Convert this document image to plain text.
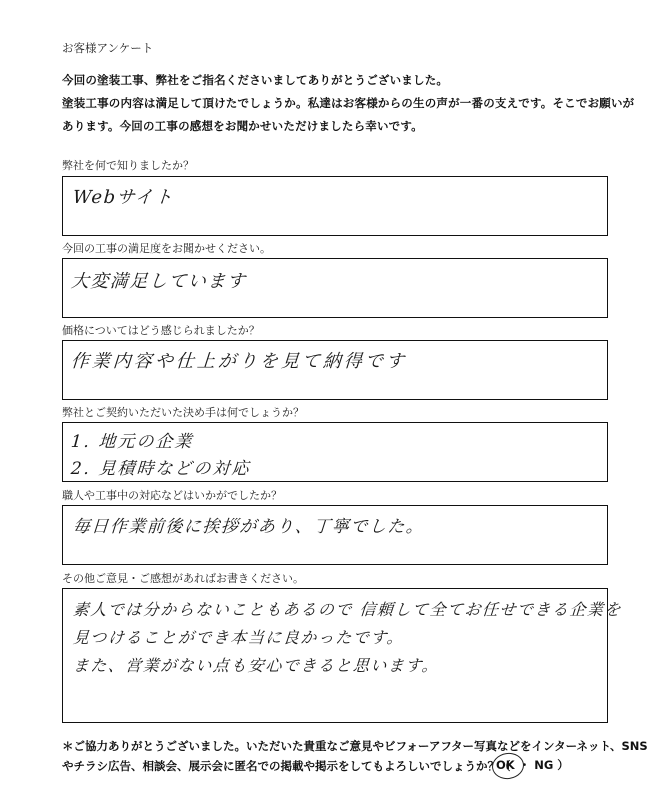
お客様アンケート
今回の塗装工事、弊社をご指名くださいましてありがとうございました。
塗装工事の内容は満足して頂けたでしょうか。私達はお客様からの生の声が一番の支えです。そこでお願いが
あります。今回の工事の感想をお聞かせいただけましたら幸いです。
弊社を何で知りましたか？
Webサイト
今回の工事の満足度をお聞かせください。
大変満足しています
価格についてはどう感じられましたか？
作業内容や仕上がりを見て納得です
弊社とご契約いただいた決め手は何でしょうか？
1. 地元の企業
2. 見積時などの対応
職人や工事中の対応などはいかがでしたか？
毎日作業前後に挨拶があり、丁寧でした。
その他ご意見・ご感想があればお書きください。
素人では分からないこともあるので 信頼して全てお任せできる企業を
見つけることができ本当に良かったです。
また、営業がない点も安心できると思います。
＊ご協力ありがとうございました。いただいた貴重なご意見やビフォーアフター写真などをインターネット、SNS
やチラシ広告、相談会、展示会に匿名での掲載や掲示をしてもよろしいでしょうか？（
OK ・ NG ）
